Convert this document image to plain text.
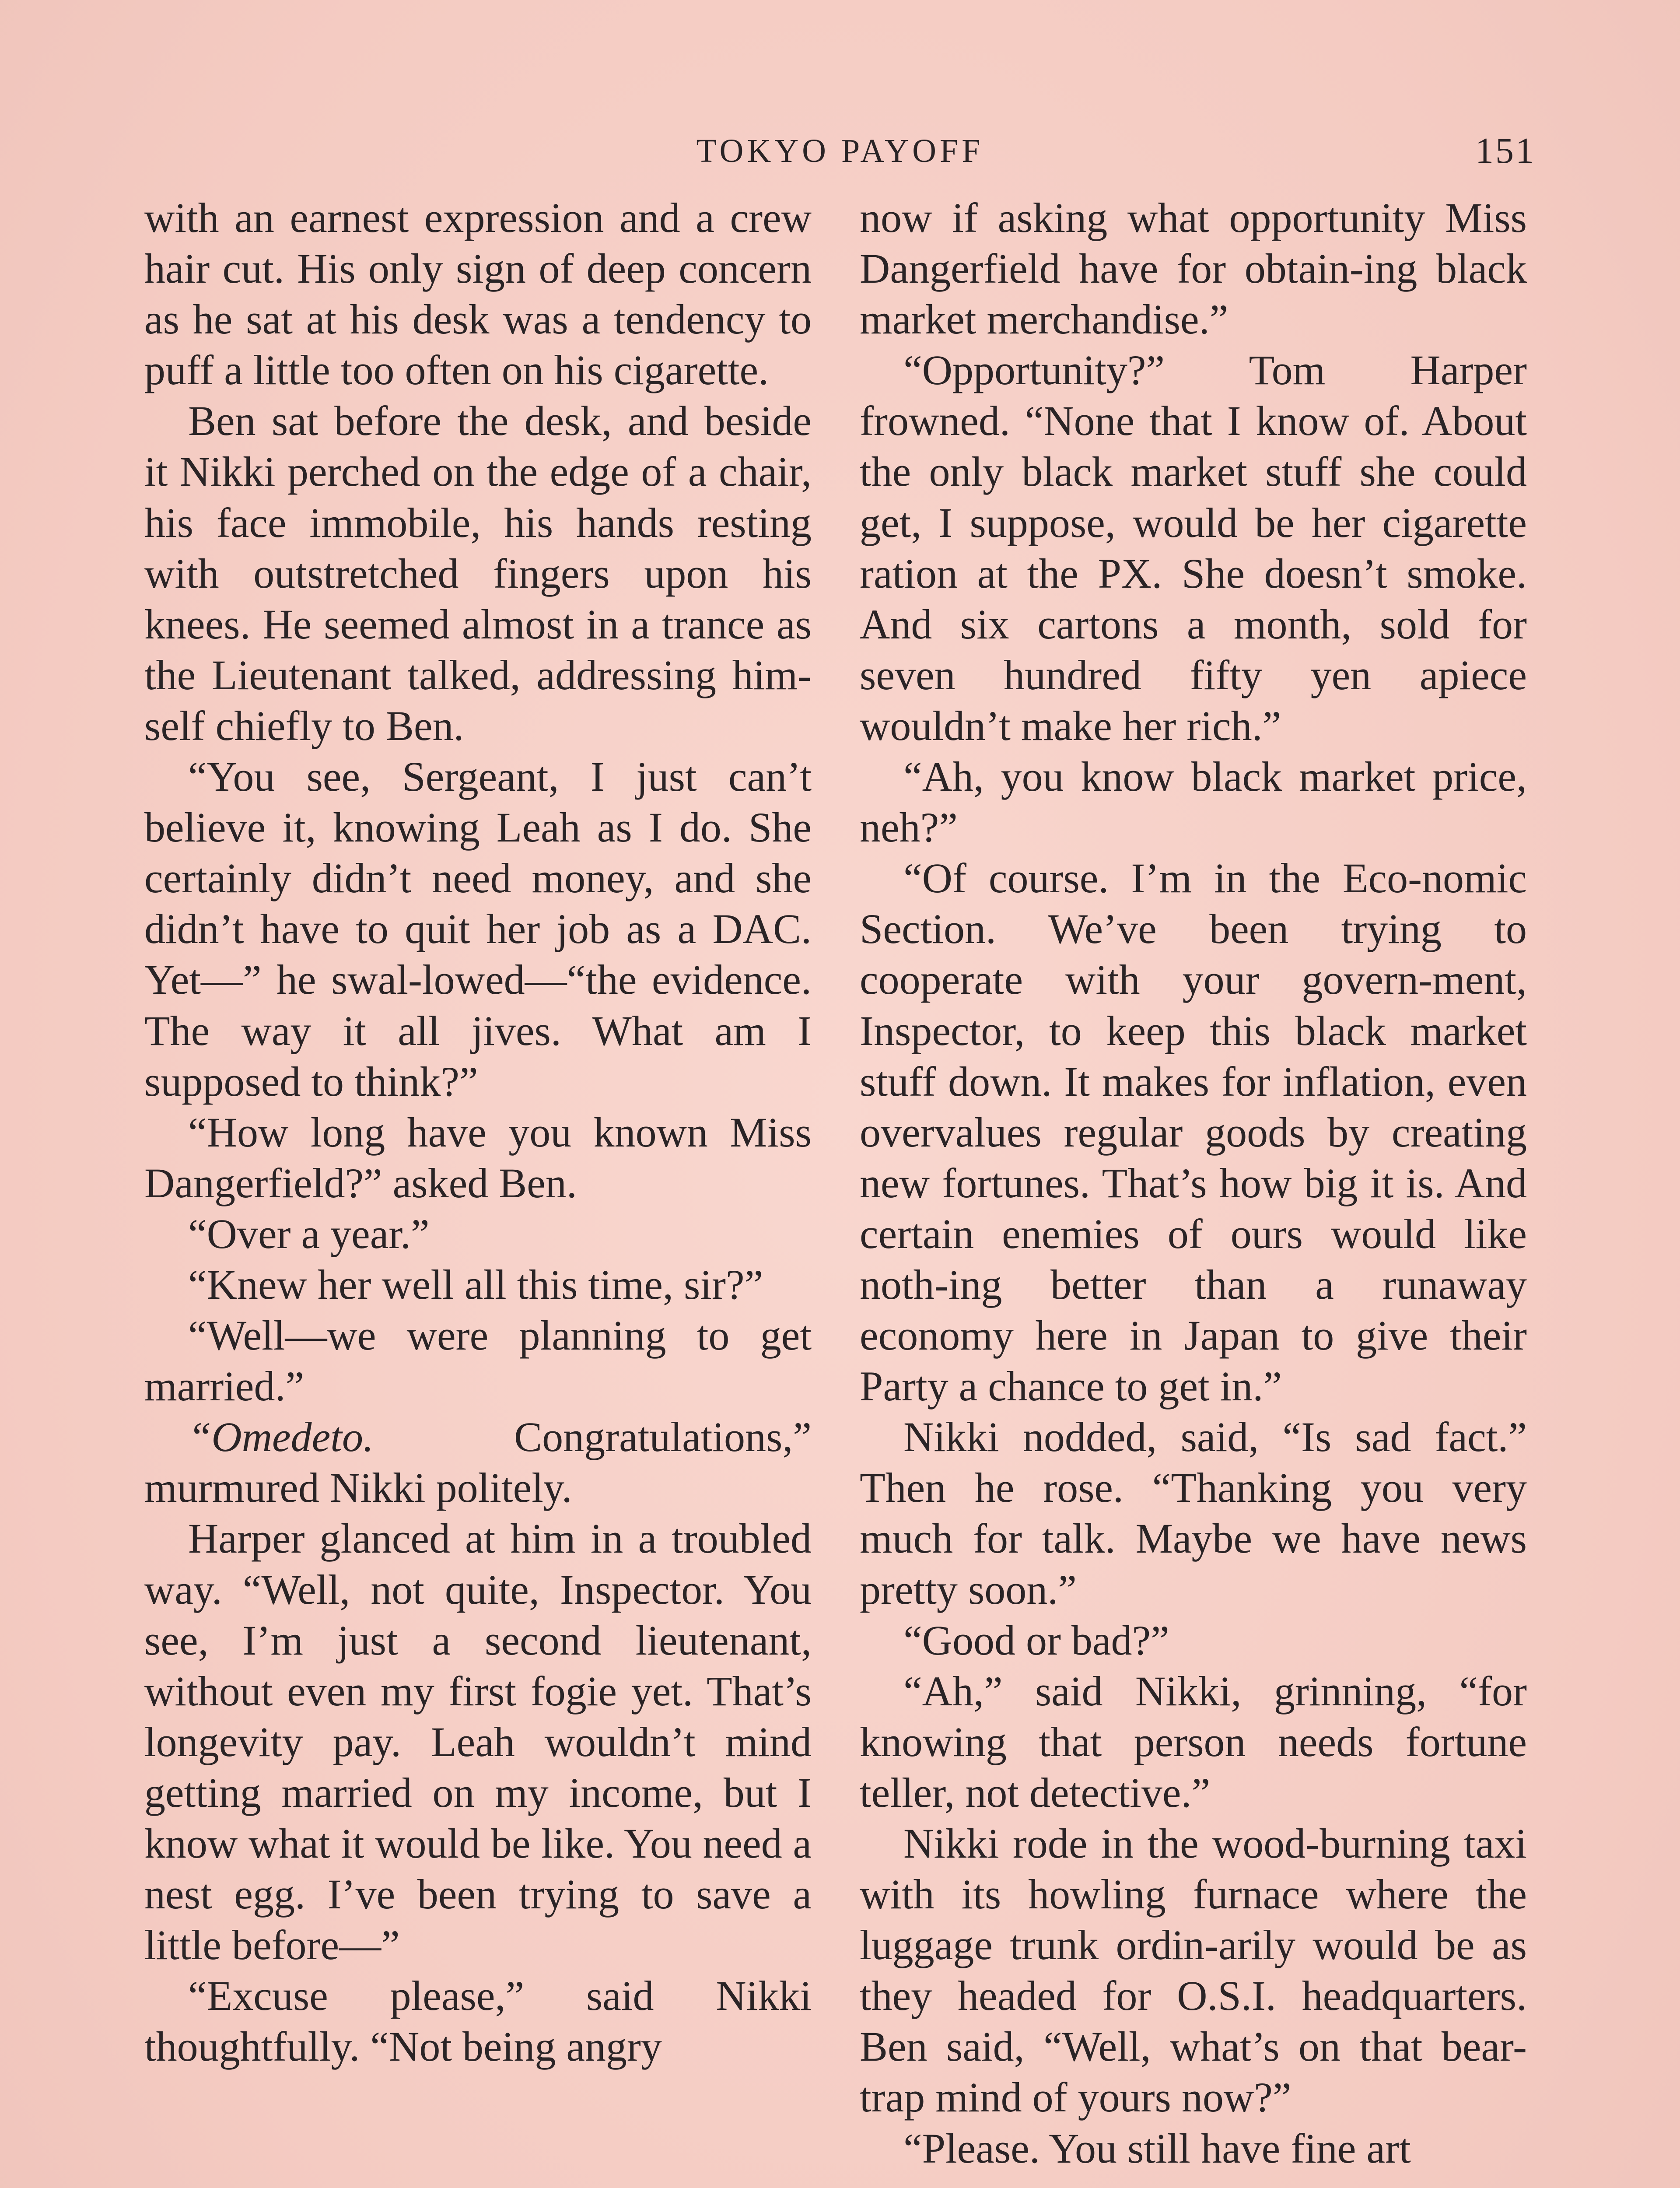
TOKYO PAYOFF	151

with an earnest expression and a crew hair cut. His only sign of deep concern as he sat at his desk was a tendency to puff a little too often on his cigarette.

Ben sat before the desk, and beside it Nikki perched on the edge of a chair, his face immobile, his hands resting with outstretched fingers upon his knees. He seemed almost in a trance as the Lieutenant talked, addressing him-self chiefly to Ben.

“You see, Sergeant, I just can’t believe it, knowing Leah as I do. She certainly didn’t need money, and she didn’t have to quit her job as a DAC. Yet—” he swal-lowed—“the evidence. The way it all jives. What am I supposed to think?”

“How long have you known Miss Dangerfield?” asked Ben.

“Over a year.”

“Knew her well all this time, sir?”

“Well—we were planning to get married.”

“Omedeto. Congratulations,” murmured Nikki politely.

Harper glanced at him in a troubled way. “Well, not quite, Inspector. You see, I’m just a second lieutenant, without even my first fogie yet. That’s longevity pay. Leah wouldn’t mind getting married on my income, but I know what it would be like. You need a nest egg. I’ve been trying to save a little before—”

“Excuse please,” said Nikki thoughtfully. “Not being angry

now if asking what opportunity Miss Dangerfield have for obtain-ing black market merchandise.”

“Opportunity?” Tom Harper frowned. “None that I know of. About the only black market stuff she could get, I suppose, would be her cigarette ration at the PX. She doesn’t smoke. And six cartons a month, sold for seven hundred fifty yen apiece wouldn’t make her rich.”

“Ah, you know black market price, neh?”

“Of course. I’m in the Eco-nomic Section. We’ve been trying to cooperate with your govern-ment, Inspector, to keep this black market stuff down. It makes for inflation, even overvalues regular goods by creating new fortunes. That’s how big it is. And certain enemies of ours would like noth-ing better than a runaway economy here in Japan to give their Party a chance to get in.”

Nikki nodded, said, “Is sad fact.” Then he rose. “Thanking you very much for talk. Maybe we have news pretty soon.”

“Good or bad?”

“Ah,” said Nikki, grinning, “for knowing that person needs fortune teller, not detective.”

Nikki rode in the wood-burning taxi with its howling furnace where the luggage trunk ordin-arily would be as they headed for O.S.I. headquarters. Ben said, “Well, what’s on that bear-trap mind of yours now?”

“Please. You still have fine art
